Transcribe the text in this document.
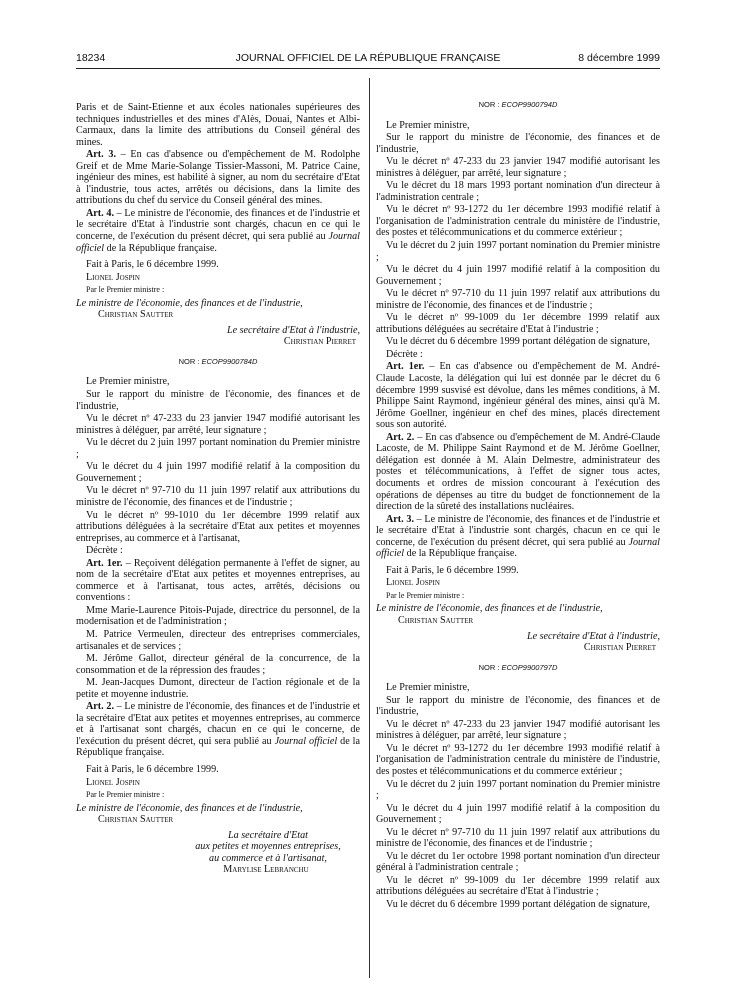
18234	JOURNAL OFFICIEL DE LA RÉPUBLIQUE FRANÇAISE	8 décembre 1999

Paris et de Saint-Etienne et aux écoles nationales supérieures des techniques industrielles et des mines d'Alès, Douai, Nantes et Albi-Carmaux, dans la limite des attributions du Conseil général des mines.

Art. 3. – En cas d'absence ou d'empêchement de M. Rodolphe Greif et de Mme Marie-Solange Tissier-Massoni, M. Patrice Caine, ingénieur des mines, est habilité à signer, au nom du secrétaire d'Etat à l'industrie, tous actes, arrêtés ou décisions, dans la limite des attributions du chef du service du Conseil général des mines.

Art. 4. – Le ministre de l'économie, des finances et de l'industrie et le secrétaire d'Etat à l'industrie sont chargés, chacun en ce qui le concerne, de l'exécution du présent décret, qui sera publié au Journal officiel de la République française.

Fait à Paris, le 6 décembre 1999.

Lionel Jospin

Par le Premier ministre :

Le ministre de l'économie, des finances et de l'industrie,
Christian Sautter
Le secrétaire d'Etat à l'industrie,
Christian Pierret
NOR : ECOP9900784D

Le Premier ministre,

Sur le rapport du ministre de l'économie, des finances et de l'industrie,

Vu le décret nº 47-233 du 23 janvier 1947 modifié autorisant les ministres à déléguer, par arrêté, leur signature ;

Vu le décret du 2 juin 1997 portant nomination du Premier ministre ;

Vu le décret du 4 juin 1997 modifié relatif à la composition du Gouvernement ;

Vu le décret nº 97-710 du 11 juin 1997 relatif aux attributions du ministre de l'économie, des finances et de l'industrie ;

Vu le décret nº 99-1010 du 1er décembre 1999 relatif aux attributions déléguées à la secrétaire d'Etat aux petites et moyennes entreprises, au commerce et à l'artisanat,

Décrète :

Art. 1er. – Reçoivent délégation permanente à l'effet de signer, au nom de la secrétaire d'Etat aux petites et moyennes entreprises, au commerce et à l'artisanat, tous actes, arrêtés, décisions ou conventions :

Mme Marie-Laurence Pitois-Pujade, directrice du personnel, de la modernisation et de l'administration ;

M. Patrice Vermeulen, directeur des entreprises commerciales, artisanales et de services ;

M. Jérôme Gallot, directeur général de la concurrence, de la consommation et de la répression des fraudes ;

M. Jean-Jacques Dumont, directeur de l'action régionale et de la petite et moyenne industrie.

Art. 2. – Le ministre de l'économie, des finances et de l'industrie et la secrétaire d'Etat aux petites et moyennes entreprises, au commerce et à l'artisanat sont chargés, chacun en ce qui le concerne, de l'exécution du présent décret, qui sera publié au Journal officiel de la République française.

Fait à Paris, le 6 décembre 1999.

Lionel Jospin

Par le Premier ministre :

Le ministre de l'économie, des finances et de l'industrie,
Christian Sautter
La secrétaire d'Etat
aux petites et moyennes entreprises,
au commerce et à l'artisanat,
Marylise Lebranchu
NOR : ECOP9900794D

Le Premier ministre,

Sur le rapport du ministre de l'économie, des finances et de l'industrie,

Vu le décret nº 47-233 du 23 janvier 1947 modifié autorisant les ministres à déléguer, par arrêté, leur signature ;

Vu le décret du 18 mars 1993 portant nomination d'un directeur à l'administration centrale ;

Vu le décret nº 93-1272 du 1er décembre 1993 modifié relatif à l'organisation de l'administration centrale du ministère de l'industrie, des postes et télécommunications et du commerce extérieur ;

Vu le décret du 2 juin 1997 portant nomination du Premier ministre ;

Vu le décret du 4 juin 1997 modifié relatif à la composition du Gouvernement ;

Vu le décret nº 97-710 du 11 juin 1997 relatif aux attributions du ministre de l'économie, des finances et de l'industrie ;

Vu le décret nº 99-1009 du 1er décembre 1999 relatif aux attributions déléguées au secrétaire d'Etat à l'industrie ;

Vu le décret du 6 décembre 1999 portant délégation de signature,

Décrète :

Art. 1er. – En cas d'absence ou d'empêchement de M. André-Claude Lacoste, la délégation qui lui est donnée par le décret du 6 décembre 1999 susvisé est dévolue, dans les mêmes conditions, à M. Philippe Saint Raymond, ingénieur général des mines, ainsi qu'à M. Jérôme Goellner, ingénieur en chef des mines, placés directement sous son autorité.

Art. 2. – En cas d'absence ou d'empêchement de M. André-Claude Lacoste, de M. Philippe Saint Raymond et de M. Jérôme Goellner, délégation est donnée à M. Alain Delmestre, administrateur des postes et télécommunications, à l'effet de signer tous actes, documents et ordres de mission concourant à l'exécution des opérations de dépenses au titre du budget de fonctionnement de la direction de la sûreté des installations nucléaires.

Art. 3. – Le ministre de l'économie, des finances et de l'industrie et le secrétaire d'Etat à l'industrie sont chargés, chacun en ce qui le concerne, de l'exécution du présent décret, qui sera publié au Journal officiel de la République française.

Fait à Paris, le 6 décembre 1999.

Lionel Jospin

Par le Premier ministre :

Le ministre de l'économie, des finances et de l'industrie,
Christian Sautter
Le secrétaire d'Etat à l'industrie,
Christian Pierret
NOR : ECOP9900797D

Le Premier ministre,

Sur le rapport du ministre de l'économie, des finances et de l'industrie,

Vu le décret nº 47-233 du 23 janvier 1947 modifié autorisant les ministres à déléguer, par arrêté, leur signature ;

Vu le décret nº 93-1272 du 1er décembre 1993 modifié relatif à l'organisation de l'administration centrale du ministère de l'industrie, des postes et télécommunications et du commerce extérieur ;

Vu le décret du 2 juin 1997 portant nomination du Premier ministre ;

Vu le décret du 4 juin 1997 modifié relatif à la composition du Gouvernement ;

Vu le décret nº 97-710 du 11 juin 1997 relatif aux attributions du ministre de l'économie, des finances et de l'industrie ;

Vu le décret du 1er octobre 1998 portant nomination d'un directeur général à l'administration centrale ;

Vu le décret nº 99-1009 du 1er décembre 1999 relatif aux attributions déléguées au secrétaire d'Etat à l'industrie ;

Vu le décret du 6 décembre 1999 portant délégation de signature,
